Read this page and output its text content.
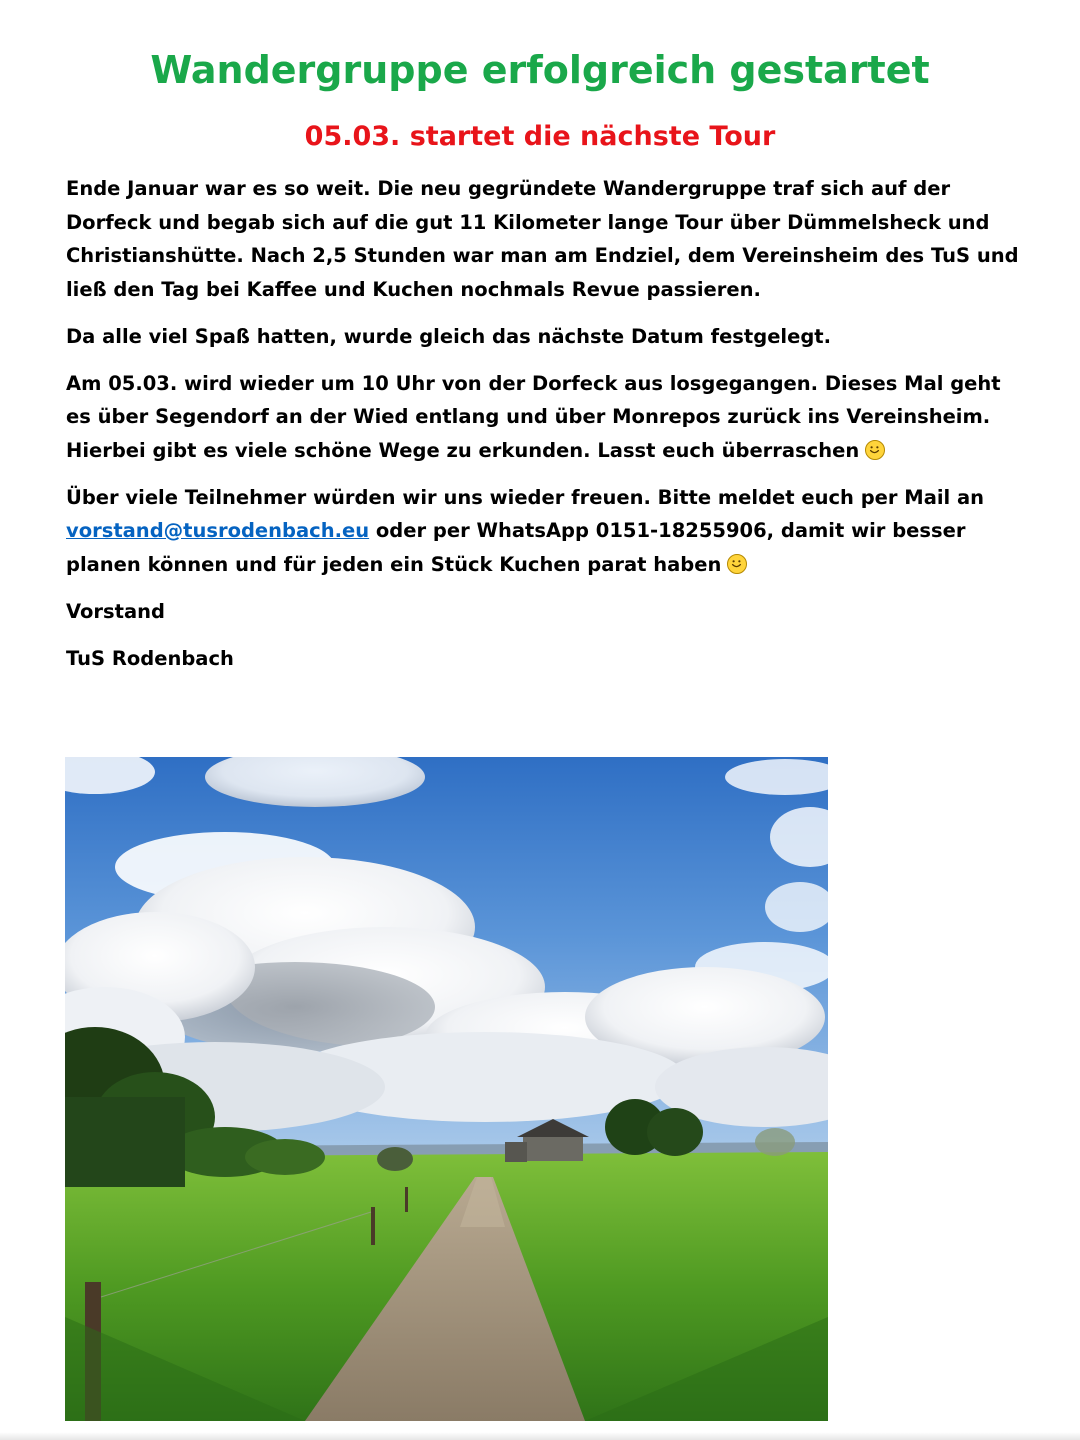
Wandergruppe erfolgreich gestartet
05.03. startet die nächste Tour

Ende Januar war es so weit. Die neu gegründete Wandergruppe traf sich auf der Dorfeck und begab sich auf die gut 11 Kilometer lange Tour über Dümmelsheck und Christianshütte. Nach 2,5 Stunden war man am Endziel, dem Vereinsheim des TuS und ließ den Tag bei Kaffee und Kuchen nochmals Revue passieren.

Da alle viel Spaß hatten, wurde gleich das nächste Datum festgelegt.

Am 05.03. wird wieder um 10 Uhr von der Dorfeck aus losgegangen. Dieses Mal geht es über Segendorf an der Wied entlang und über Monrepos zurück ins Vereinsheim. Hierbei gibt es viele schöne Wege zu erkunden. Lasst euch überraschen

Über viele Teilnehmer würden wir uns wieder freuen. Bitte meldet euch per Mail an vorstand@tusrodenbach.eu oder per WhatsApp 0151-18255906, damit wir besser planen können und für jeden ein Stück Kuchen parat haben

Vorstand

TuS Rodenbach
